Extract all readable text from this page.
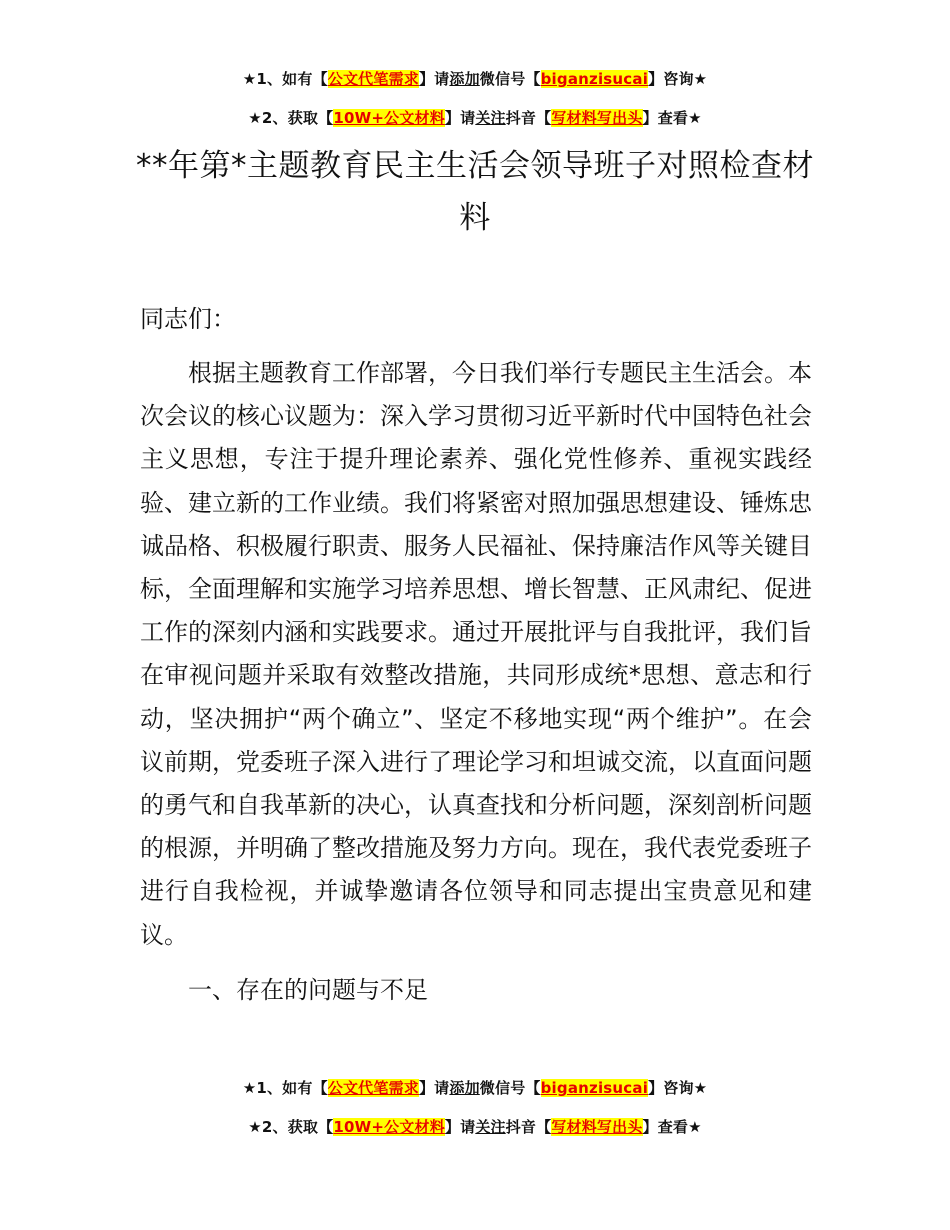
★1、如有【公文代笔需求】请添加微信号【biganzisucai】咨询★
★2、获取【10W+公文材料】请关注抖音【写材料写出头】查看★
**年第*主题教育民主生活会领导班子对照检查材料
同志们：
根据主题教育工作部署，今日我们举行专题民主生活会。本次会议的核心议题为：深入学习贯彻习近平新时代中国特色社会主义思想，专注于提升理论素养、强化党性修养、重视实践经验、建立新的工作业绩。我们将紧密对照加强思想建设、锤炼忠诚品格、积极履行职责、服务人民福祉、保持廉洁作风等关键目标，全面理解和实施学习培养思想、增长智慧、正风肃纪、促进工作的深刻内涵和实践要求。通过开展批评与自我批评，我们旨在审视问题并采取有效整改措施，共同形成统*思想、意志和行动，坚决拥护“两个确立”、坚定不移地实现“两个维护”。在会议前期，党委班子深入进行了理论学习和坦诚交流，以直面问题的勇气和自我革新的决心，认真查找和分析问题，深刻剖析问题的根源，并明确了整改措施及努力方向。现在，我代表党委班子进行自我检视，并诚挚邀请各位领导和同志提出宝贵意见和建议。
一、存在的问题与不足
★1、如有【公文代笔需求】请添加微信号【biganzisucai】咨询★
★2、获取【10W+公文材料】请关注抖音【写材料写出头】查看★
